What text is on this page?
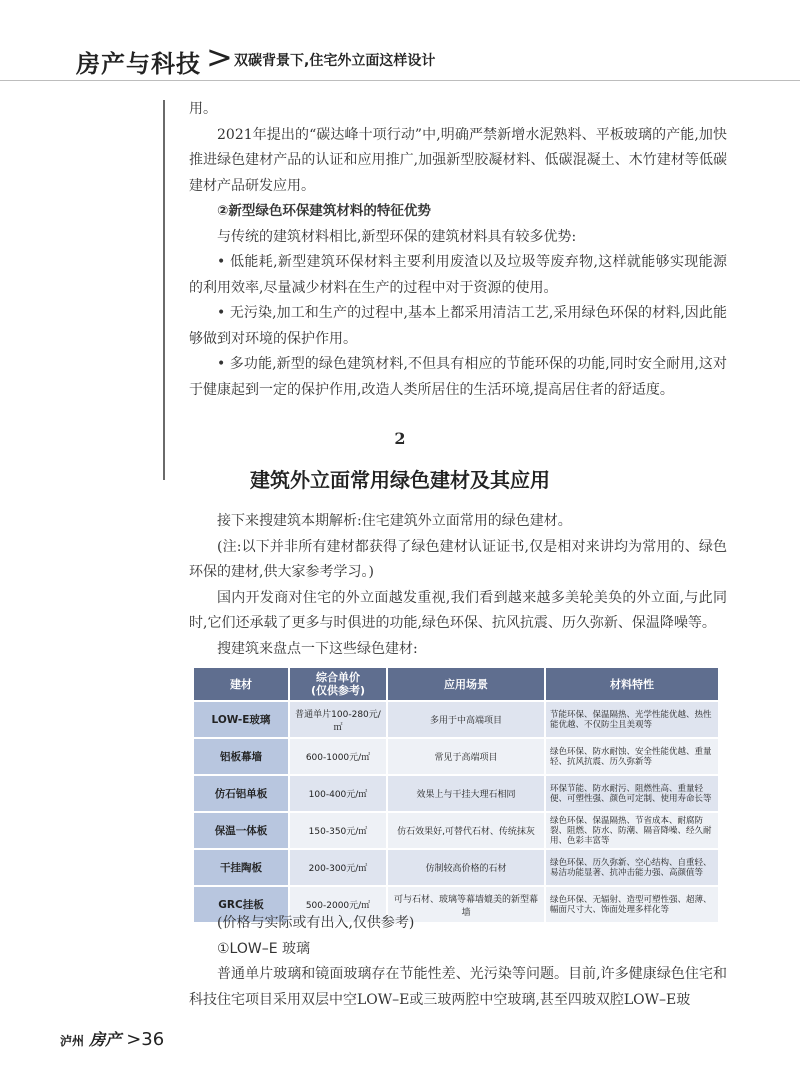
房产与科技 > 双碳背景下,住宅外立面这样设计

用。

2021年提出的“碳达峰十项行动”中,明确严禁新增水泥熟料、平板玻璃的产能,加快推进绿色建材产品的认证和应用推广,加强新型胶凝材料、低碳混凝土、木竹建材等低碳建材产品研发应用。

②新型绿色环保建筑材料的特征优势

与传统的建筑材料相比,新型环保的建筑材料具有较多优势:

• 低能耗,新型建筑环保材料主要利用废渣以及垃圾等废弃物,这样就能够实现能源的利用效率,尽量减少材料在生产的过程中对于资源的使用。

• 无污染,加工和生产的过程中,基本上都采用清洁工艺,采用绿色环保的材料,因此能够做到对环境的保护作用。

• 多功能,新型的绿色建筑材料,不但具有相应的节能环保的功能,同时安全耐用,这对于健康起到一定的保护作用,改造人类所居住的生活环境,提高居住者的舒适度。

2
建筑外立面常用绿色建材及其应用

接下来搜建筑本期解析:住宅建筑外立面常用的绿色建材。

(注:以下并非所有建材都获得了绿色建材认证证书,仅是相对来讲均为常用的、绿色环保的建材,供大家参考学习。)

国内开发商对住宅的外立面越发重视,我们看到越来越多美轮美奂的外立面,与此同时,它们还承载了更多与时俱进的功能,绿色环保、抗风抗震、历久弥新、保温降噪等。

搜建筑来盘点一下这些绿色建材:

建材	综合单价
(仅供参考)	应用场景	材料特性
LOW-E玻璃	普通单片100-280元/㎡	多用于中高端项目	节能环保、保温隔热、光学性能优越、热性能优越、不仅防尘且美观等
铝板幕墙	600-1000元/㎡	常见于高端项目	绿色环保、防水耐蚀、安全性能优越、重量轻、抗风抗震、历久弥新等
仿石铝单板	100-400元/㎡	效果上与干挂大理石相同	环保节能、防水耐污、阻燃性高、重量轻便、可塑性强、颜色可定制、使用寿命长等
保温一体板	150-350元/㎡	仿石效果好,可替代石材、传统抹灰	绿色环保、保温隔热、节省成本、耐腐防裂、阻燃、防水、防潮、隔音降噪、经久耐用、色彩丰富等
干挂陶板	200-300元/㎡	仿制较高价格的石材	绿色环保、历久弥新、空心结构、自重轻、易洁功能显著、抗冲击能力强、高颜值等
GRC挂板	500-2000元/㎡	可与石材、玻璃等幕墙媲美的新型幕墙	绿色环保、无辐射、造型可塑性强、超薄、幅面尺寸大、饰面处理多样化等

(价格与实际或有出入,仅供参考)

①LOW–E 玻璃

普通单片玻璃和镜面玻璃存在节能性差、光污染等问题。目前,许多健康绿色住宅和科技住宅项目采用双层中空LOW–E或三玻两腔中空玻璃,甚至四玻双腔LOW–E玻

泸州 房产 >36
